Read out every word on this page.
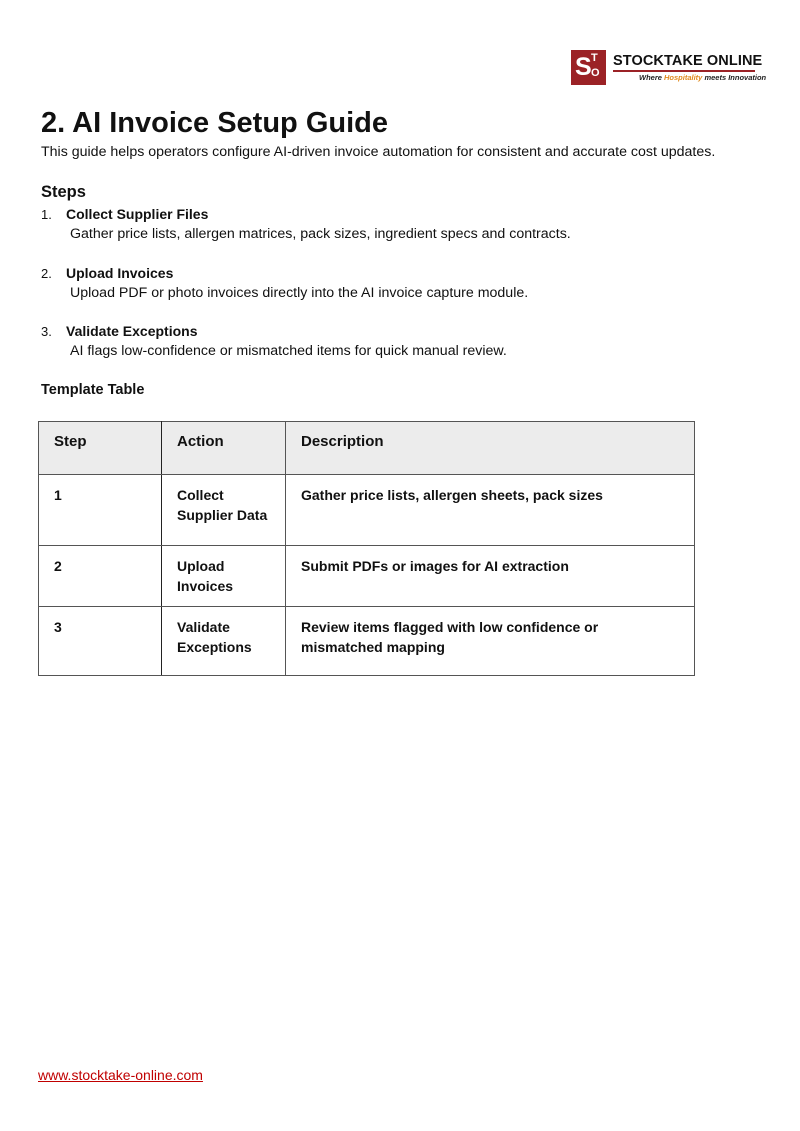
S T
O
STOCKTAKE ONLINE
Where Hospitality meets Innovation
2. AI Invoice Setup Guide

This guide helps operators configure AI-driven invoice automation for consistent and accurate cost updates.

Steps
1. Collect Supplier Files
Gather price lists, allergen matrices, pack sizes, ingredient specs and contracts.
2. Upload Invoices
Upload PDF or photo invoices directly into the AI invoice capture module.
3. Validate Exceptions
AI flags low-confidence or mismatched items for quick manual review.
Template Table
Step	Action	Description
1	Collect Supplier Data	Gather price lists, allergen sheets, pack sizes
2	Upload Invoices	Submit PDFs or images for AI extraction
3	Validate Exceptions	Review items flagged with low confidence or mismatched mapping
www.stocktake-online.com
